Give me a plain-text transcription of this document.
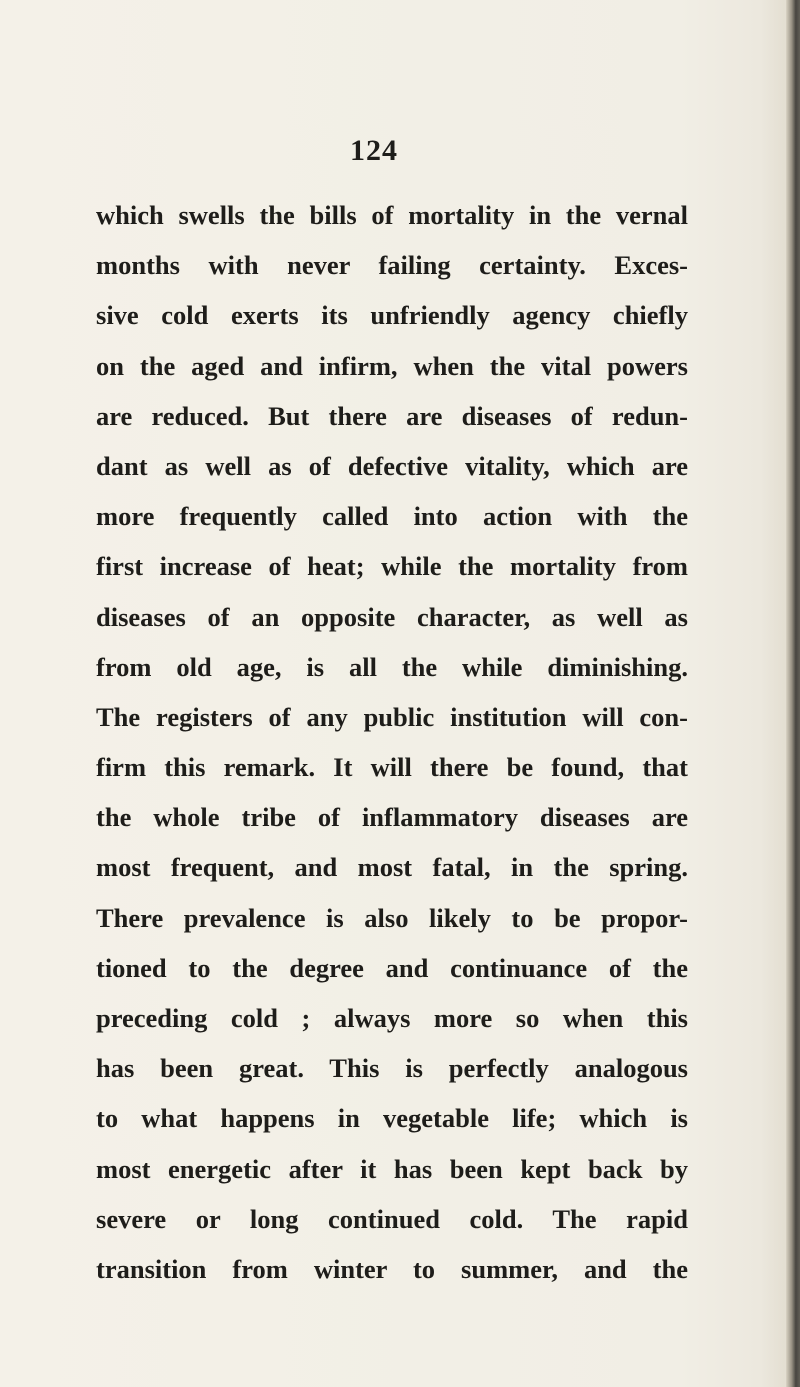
124
which swells the bills of mortality in the vernal
months with never failing certainty. Exces-
sive cold exerts its unfriendly agency chiefly
on the aged and infirm, when the vital powers
are reduced. But there are diseases of redun-
dant as well as of defective vitality, which are
more frequently called into action with the
first increase of heat; while the mortality from
diseases of an opposite character, as well as
from old age, is all the while diminishing.
The registers of any public institution will con-
firm this remark. It will there be found, that
the whole tribe of inflammatory diseases are
most frequent, and most fatal, in the spring.
There prevalence is also likely to be propor-
tioned to the degree and continuance of the
preceding cold ; always more so when this
has been great. This is perfectly analogous
to what happens in vegetable life; which is
most energetic after it has been kept back by
severe or long continued cold. The rapid
transition from winter to summer, and the
